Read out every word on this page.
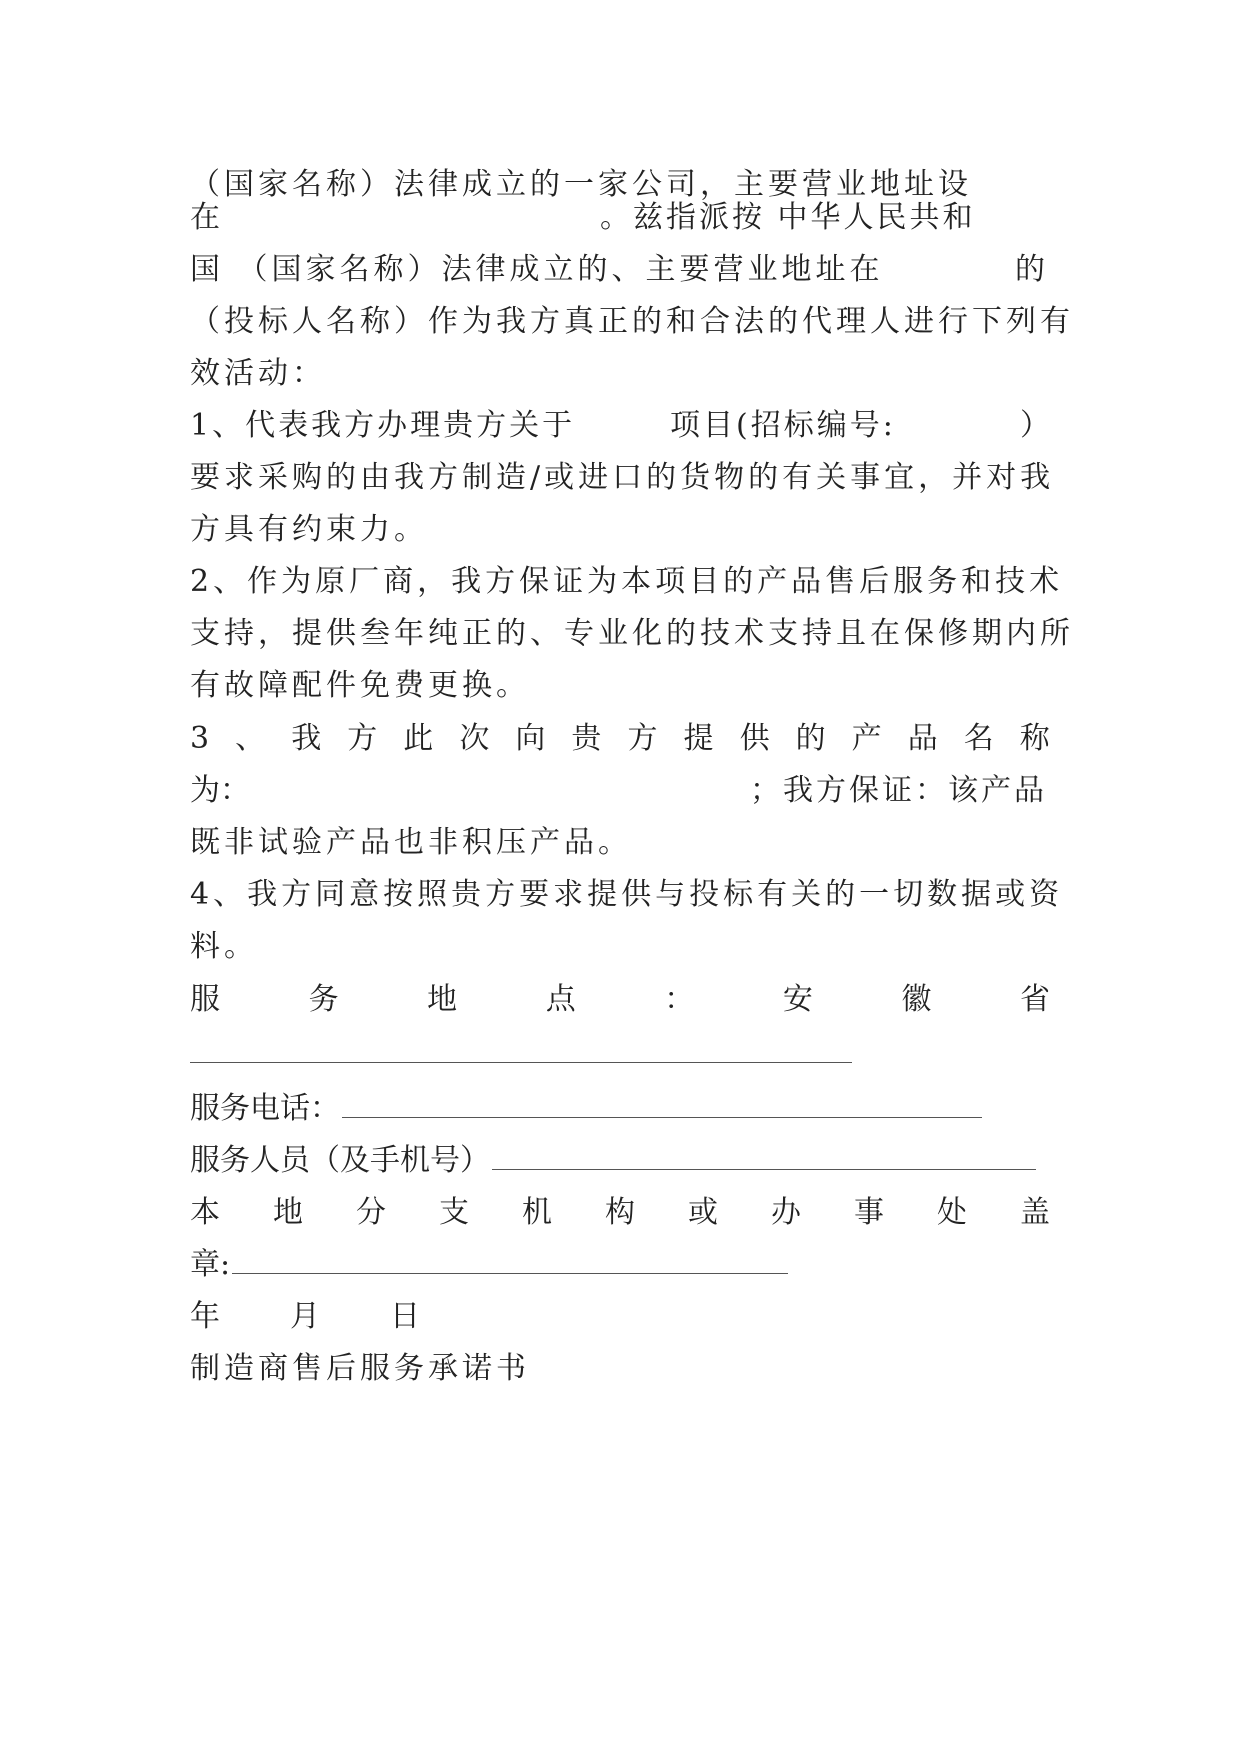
（国家名称）法律成立的一家公司，主要营业地址设
在	。兹指派按 中华人民共和
国 （国家名称）法律成立的、主要营业地址在	的
（投标人名称）作为我方真正的和合法的代理人进行下列有
效活动：
1、代表我方办理贵方关于	项目(招标编号:	）
要求采购的由我方制造/或进口的货物的有关事宜，并对我
方具有约束力。
2、作为原厂商，我方保证为本项目的产品售后服务和技术
支持，提供叁年纯正的、专业化的技术支持且在保修期内所
有故障配件免费更换。
3 、 我 方 此 次 向 贵 方 提 供 的 产 品 名 称
为：	；我方保证：该产品
既非试验产品也非积压产品。
4、我方同意按照贵方要求提供与投标有关的一切数据或资
料。
服	务	地	点	：	安	徽	省
服务电话：
服务人员（及手机号）
本 地 分 支 机 构 或 办 事 处 盖
章:
年 月 日
制造商售后服务承诺书
